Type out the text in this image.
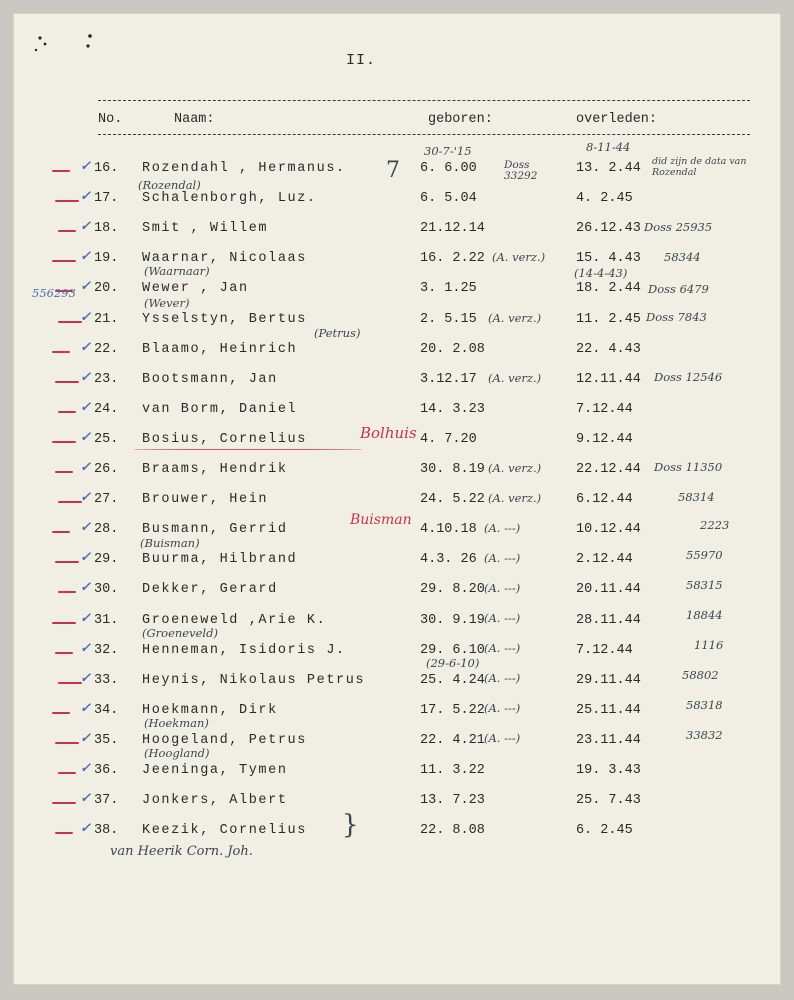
II.
No.	Naam:	geboren:	overleden:
16. Rozendahl , Hermanus.	6. 6.00	13. 2.44
✓
17. Schalenborgh, Luz.	6. 5.04	4. 2.45
✓
18. Smit , Willem	21.12.14	26.12.43
✓
19. Waarnar, Nicolaas	16. 2.22	15. 4.43
✓
20. Wewer , Jan	3. 1.25	18. 2.44
✓
21. Ysselstyn, Bertus	2. 5.15	11. 2.45
✓
22. Blaamo, Heinrich	20. 2.08	22. 4.43
✓
23. Bootsmann, Jan	3.12.17	12.11.44
✓
24. van Borm, Daniel	14. 3.23	7.12.44
✓
25. Bosius, Cornelius	4. 7.20	9.12.44
✓
26. Braams, Hendrik	30. 8.19	22.12.44
✓
27. Brouwer, Hein	24. 5.22	6.12.44
✓
28. Busmann, Gerrid	4.10.18	10.12.44
✓
29. Buurma, Hilbrand	4.3. 26	2.12.44
✓
30. Dekker, Gerard	29. 8.20	20.11.44
✓
31. Groeneweld ,Arie K.	30. 9.19	28.11.44
✓
32. Henneman, Isidoris J.	29. 6.10	7.12.44
✓
33. Heynis, Nikolaus Petrus	25. 4.24	29.11.44
✓
34. Hoekmann, Dirk	17. 5.22	25.11.44
✓
35. Hoogeland, Petrus	22. 4.21	23.11.44
✓
36. Jeeninga, Tymen	11. 3.22	19. 3.43
✓
37. Jonkers, Albert	13. 7.23	25. 7.43
✓
38. Keezik, Cornelius	22. 8.08	6. 2.45
✓
30-7-'15	8-11-44
Doss 33292
did zijn de data van Rozendal
(Rozendal)
Doss 25935
(A. verz.)	58344
(Waarnaar)	(14-4-43)
556293	Doss 6479
(Wever)
(Petrus)
(A. verz.)	Doss 7843
(A. verz.)	Doss 12546
Bolhuis
(A. verz.)	Doss 11350
(A. verz.)	58314
Buisman	(A. ---)	2223
(Buisman)
(A. ---)	55970
(A. ---)	58315
(A. ---)	18844
(Groeneveld)
(A. ---)	1116
(29-6-10)
(A. ---)	58802
(A. ---)	58318
(Hoekman)
(A. ---)	33832
(Hoogland)
}
7
van Heerik Corn. Joh.
